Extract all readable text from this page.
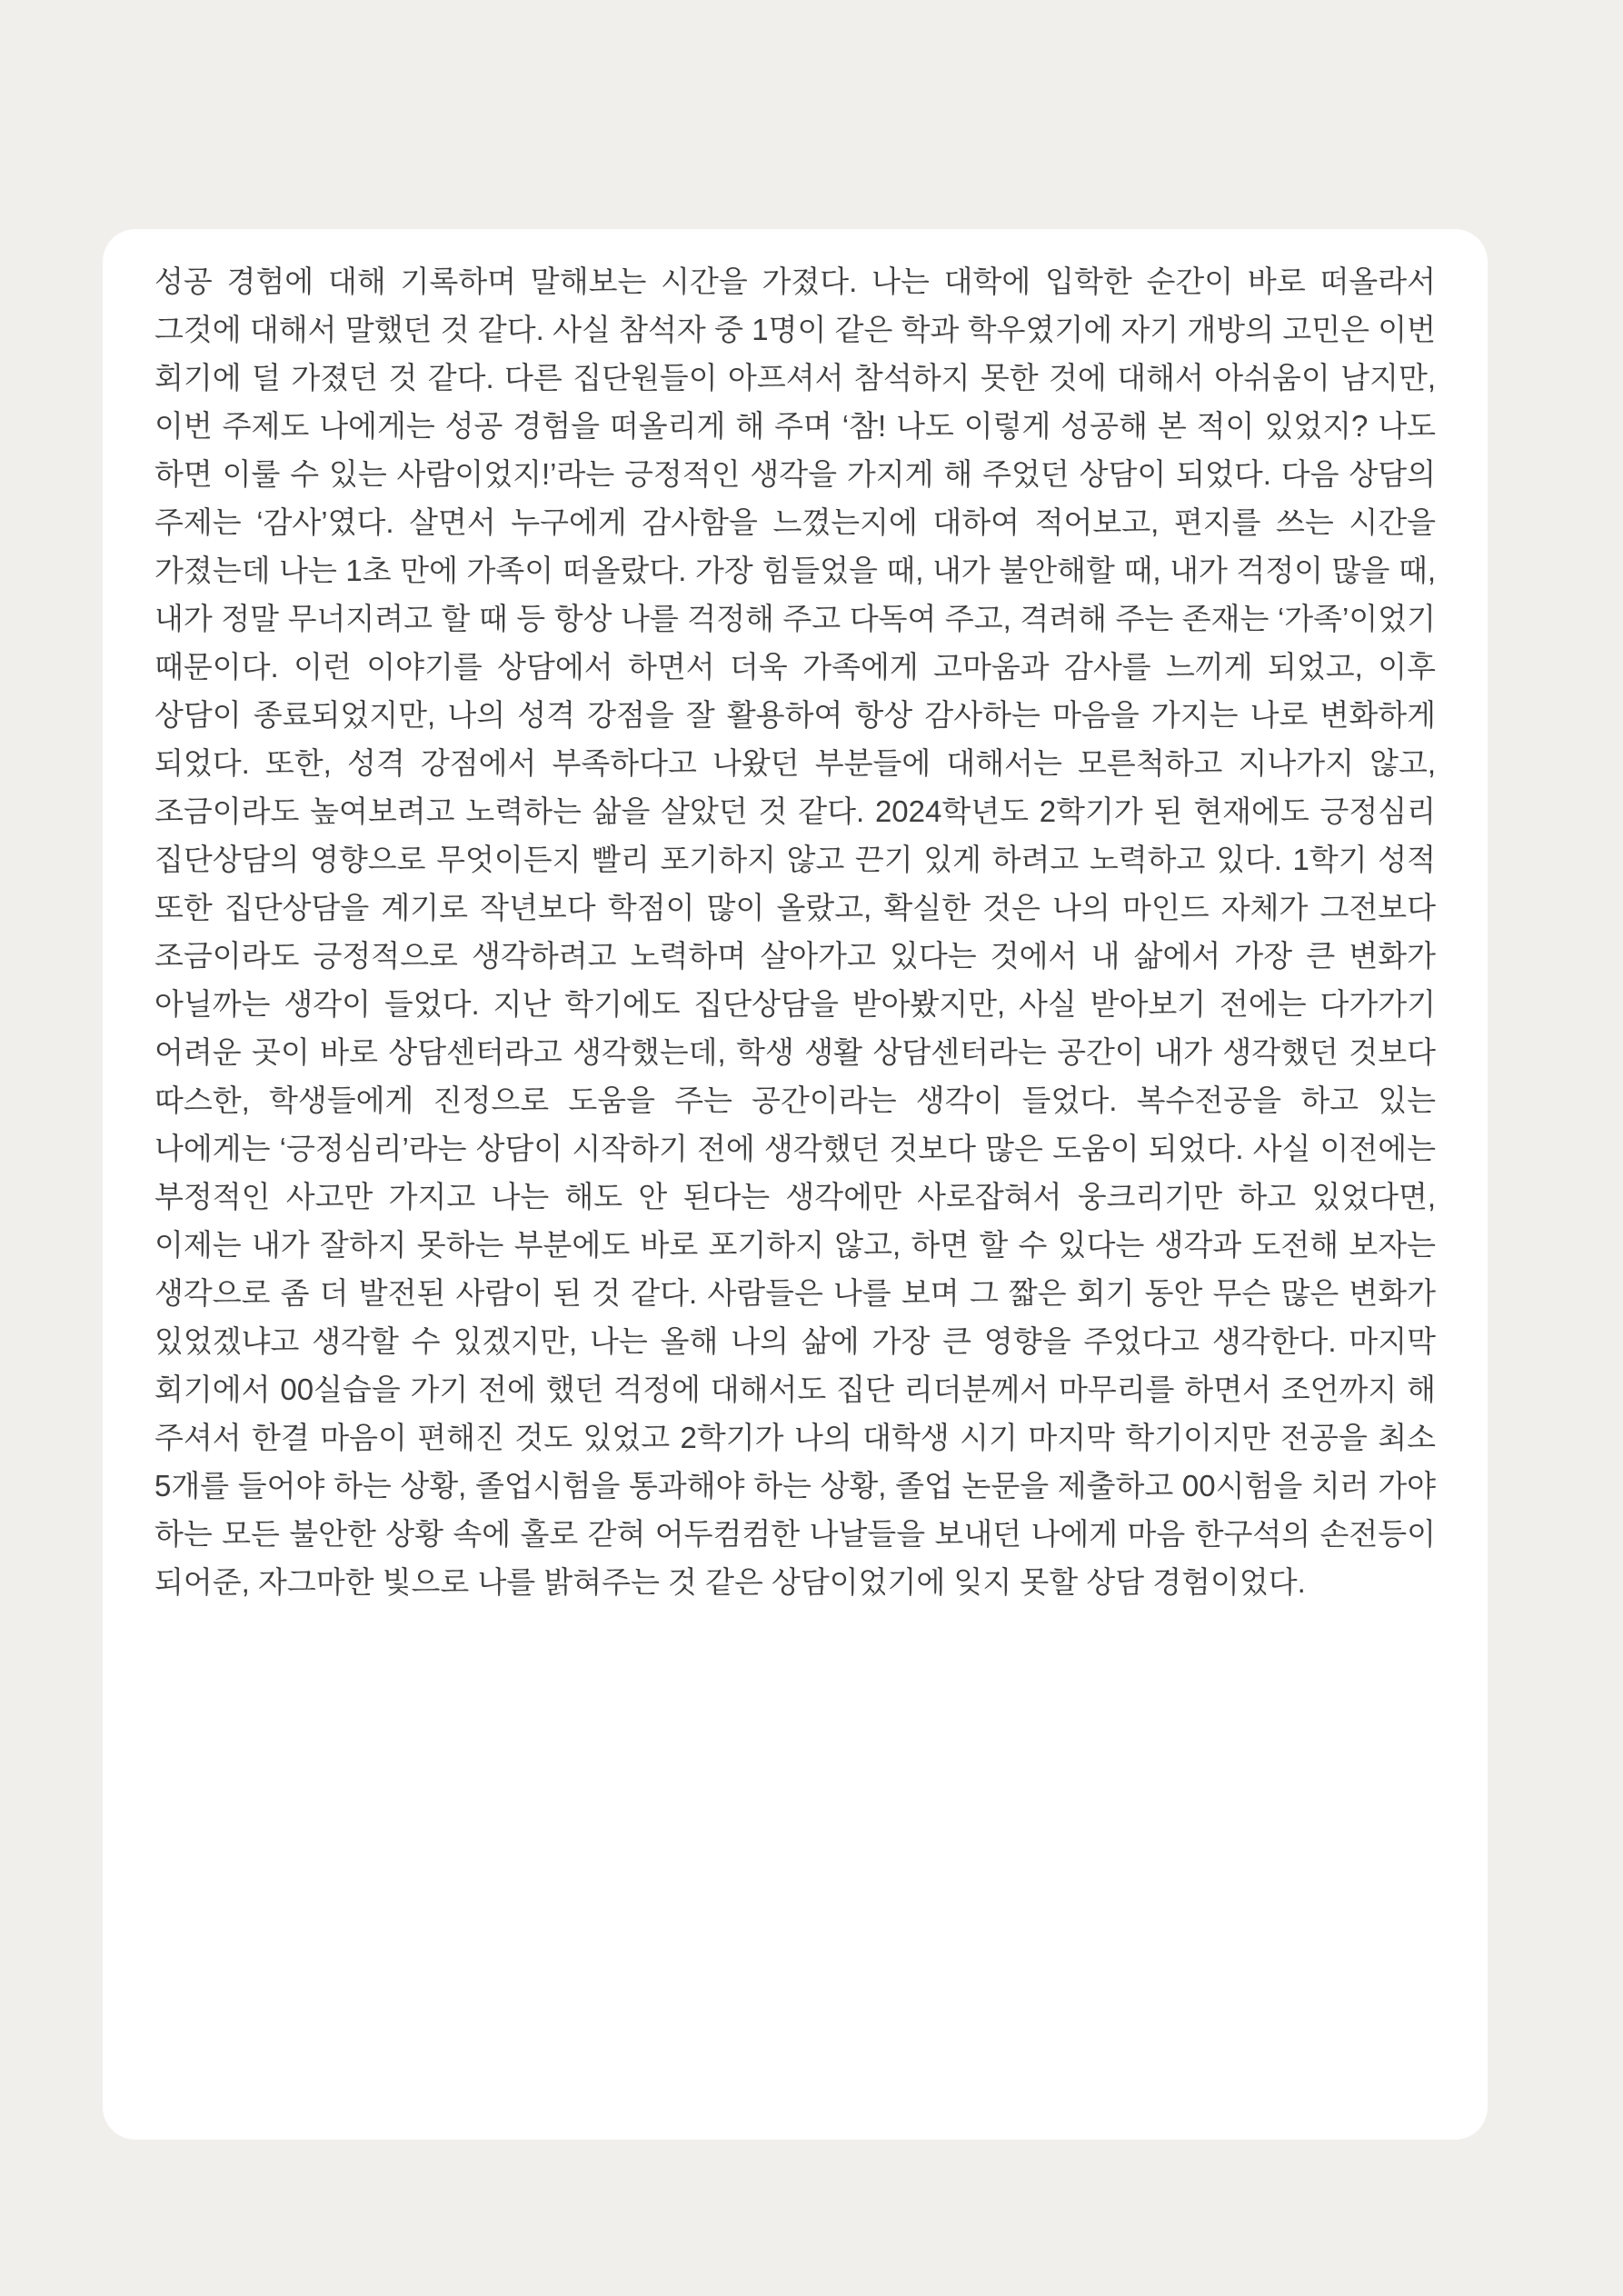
성공 경험에 대해 기록하며 말해보는 시간을 가졌다. 나는 대학에 입학한 순간이 바로 떠올라서 그것에 대해서 말했던 것 같다. 사실 참석자 중 1명이 같은 학과 학우였기에 자기 개방의 고민은 이번 회기에 덜 가졌던 것 같다. 다른 집단원들이 아프셔서 참석하지 못한 것에 대해서 아쉬움이 남지만, 이번 주제도 나에게는 성공 경험을 떠올리게 해 주며 ‘참! 나도 이렇게 성공해 본 적이 있었지? 나도 하면 이룰 수 있는 사람이었지!’라는 긍정적인 생각을 가지게 해 주었던 상담이 되었다. 다음 상담의 주제는 ‘감사’였다. 살면서 누구에게 감사함을 느꼈는지에 대하여 적어보고, 편지를 쓰는 시간을 가졌는데 나는 1초 만에 가족이 떠올랐다. 가장 힘들었을 때, 내가 불안해할 때, 내가 걱정이 많을 때, 내가 정말 무너지려고 할 때 등 항상 나를 걱정해 주고 다독여 주고, 격려해 주는 존재는 ‘가족’이었기 때문이다. 이런 이야기를 상담에서 하면서 더욱 가족에게 고마움과 감사를 느끼게 되었고, 이후 상담이 종료되었지만, 나의 성격 강점을 잘 활용하여 항상 감사하는 마음을 가지는 나로 변화하게 되었다. 또한, 성격 강점에서 부족하다고 나왔던 부분들에 대해서는 모른척하고 지나가지 않고, 조금이라도 높여보려고 노력하는 삶을 살았던 것 같다. 2024학년도 2학기가 된 현재에도 긍정심리 집단상담의 영향으로 무엇이든지 빨리 포기하지 않고 끈기 있게 하려고 노력하고 있다. 1학기 성적 또한 집단상담을 계기로 작년보다 학점이 많이 올랐고, 확실한 것은 나의 마인드 자체가 그전보다 조금이라도 긍정적으로 생각하려고 노력하며 살아가고 있다는 것에서 내 삶에서 가장 큰 변화가 아닐까는 생각이 들었다. 지난 학기에도 집단상담을 받아봤지만, 사실 받아보기 전에는 다가가기 어려운 곳이 바로 상담센터라고 생각했는데, 학생 생활 상담센터라는 공간이 내가 생각했던 것보다 따스한, 학생들에게 진정으로 도움을 주는 공간이라는 생각이 들었다. 복수전공을 하고 있는 나에게는 ‘긍정심리’라는 상담이 시작하기 전에 생각했던 것보다 많은 도움이 되었다. 사실 이전에는 부정적인 사고만 가지고 나는 해도 안 된다는 생각에만 사로잡혀서 웅크리기만 하고 있었다면, 이제는 내가 잘하지 못하는 부분에도 바로 포기하지 않고, 하면 할 수 있다는 생각과 도전해 보자는 생각으로 좀 더 발전된 사람이 된 것 같다. 사람들은 나를 보며 그 짧은 회기 동안 무슨 많은 변화가 있었겠냐고 생각할 수 있겠지만, 나는 올해 나의 삶에 가장 큰 영향을 주었다고 생각한다. 마지막 회기에서 00실습을 가기 전에 했던 걱정에 대해서도 집단 리더분께서 마무리를 하면서 조언까지 해 주셔서 한결 마음이 편해진 것도 있었고 2학기가 나의 대학생 시기 마지막 학기이지만 전공을 최소 5개를 들어야 하는 상황, 졸업시험을 통과해야 하는 상황, 졸업 논문을 제출하고 00시험을 치러 가야 하는 모든 불안한 상황 속에 홀로 갇혀 어두컴컴한 나날들을 보내던 나에게 마음 한구석의 손전등이 되어준, 자그마한 빛으로 나를 밝혀주는 것 같은 상담이었기에 잊지 못할 상담 경험이었다.
